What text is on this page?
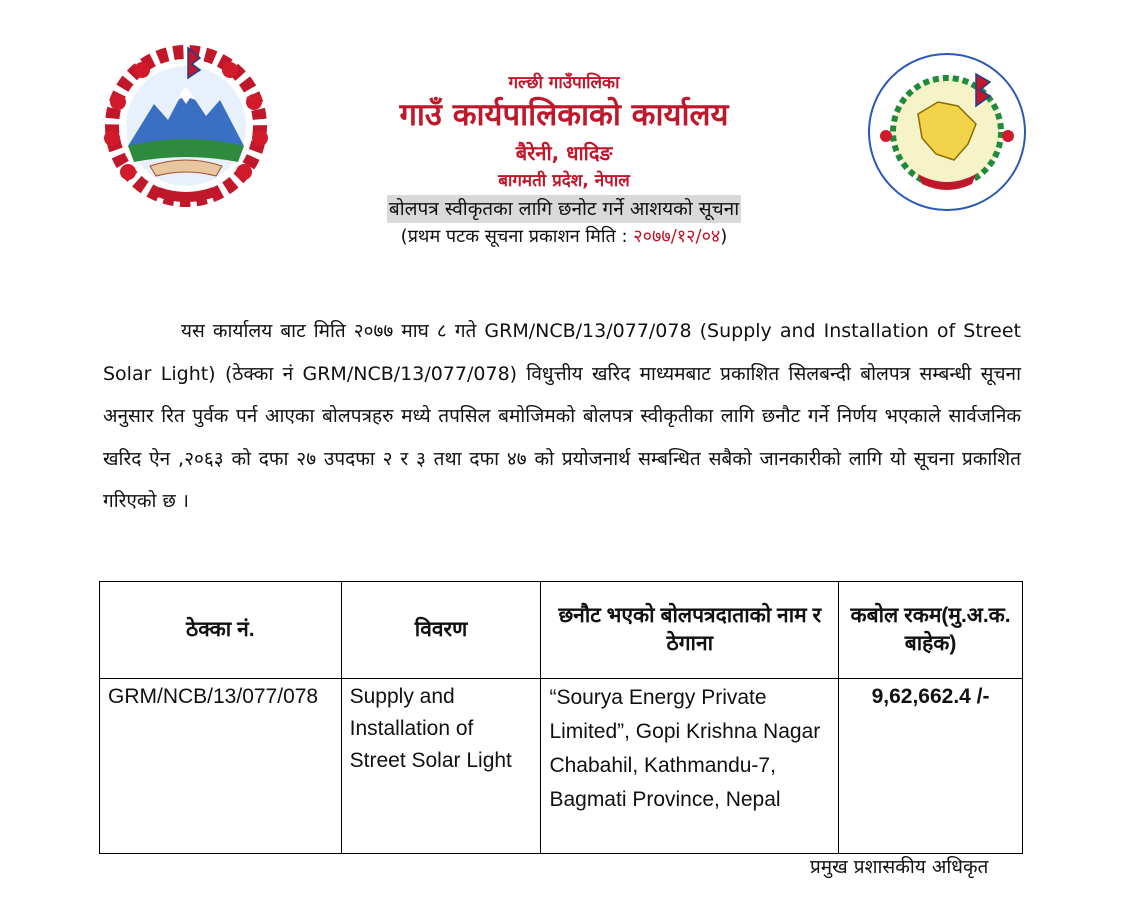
गल्छी गाउँपालिका
गाउँ कार्यपालिकाको कार्यालय
बैरेनी, धादिङ
बागमती प्रदेश, नेपाल
बोलपत्र स्वीकृतका लागि छनोट गर्ने आशयको सूचना
(प्रथम पटक सूचना प्रकाशन मिति : २०७७/१२/०४)
यस कार्यालय बाट मिति २०७७ माघ ८ गते GRM/NCB/13/077/078 (Supply and Installation of Street Solar Light) (ठेक्का नं GRM/NCB/13/077/078) विधुत्तीय खरिद माध्यमबाट प्रकाशित सिलबन्दी बोलपत्र सम्बन्धी सूचना अनुसार रित पुर्वक पर्न आएका बोलपत्रहरु मध्ये तपसिल बमोजिमको बोलपत्र स्वीकृतीका लागि छनौट गर्ने निर्णय भएकाले सार्वजनिक खरिद ऐन ,२०६३ को दफा २७ उपदफा २ र ३ तथा दफा ४७ को प्रयोजनार्थ सम्बन्धित सबैको जानकारीको लागि यो सूचना प्रकाशित गरिएको छ ।
ठेक्का नं.	विवरण	छनौट भएको बोलपत्रदाताको नाम र ठेगाना	कबोल रकम(मु.अ.क. बाहेक)
GRM/NCB/13/077/078	Supply and Installation of Street Solar Light	“Sourya Energy Private Limited”, Gopi Krishna Nagar Chabahil, Kathmandu-7, Bagmati Province, Nepal	9,62,662.4 /-
प्रमुख प्रशासकीय अधिकृत
